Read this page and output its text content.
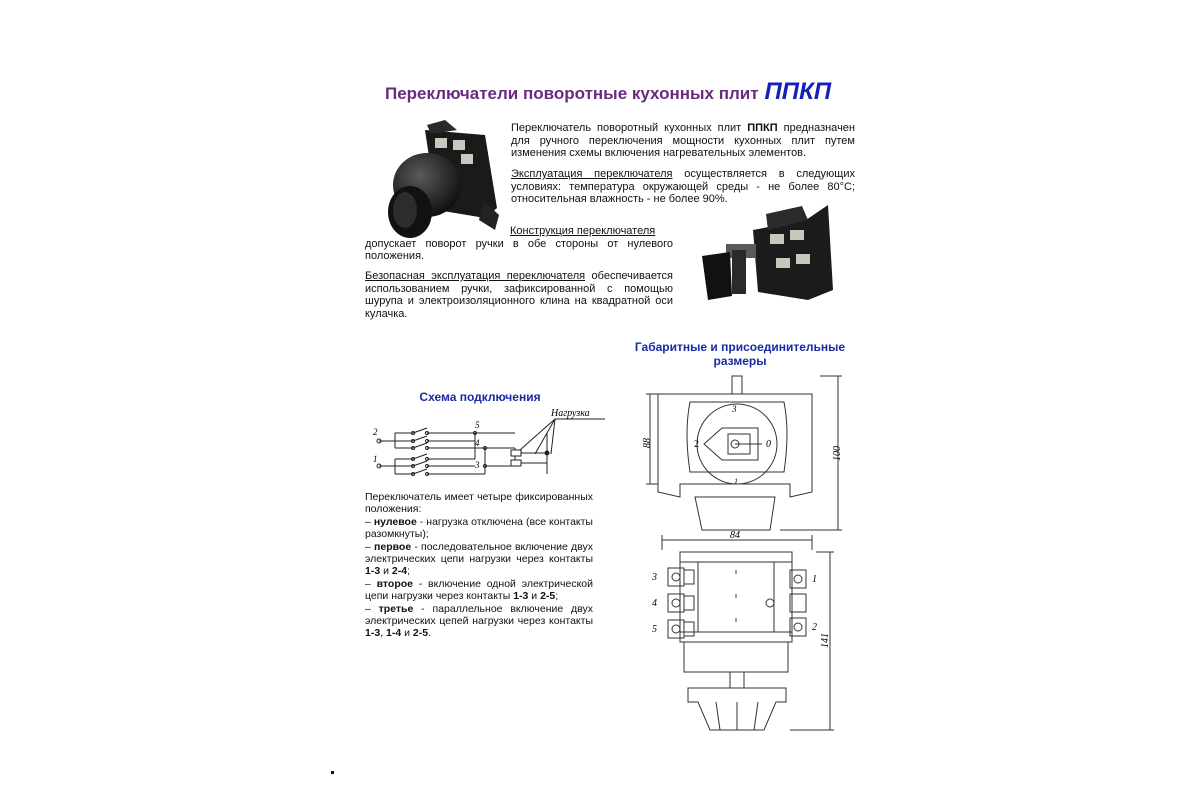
Переключатели поворотные кухонных плит ППКП
Переключатель поворотный кухонных плит ППКП предназначен для ручного переключения мощности кухонных плит путем изменения схемы включения нагревательных элементов.
Эксплуатация переключателя осуществляется в следующих условиях: температура окружающей среды - не более 80°С; относительная влажность - не более 90%.
Конструкция переключателя
допускает поворот ручки в обе стороны от нулевого положения.
Безопасная эксплуатация переключателя обеспечивается использованием ручки, зафиксированной с помощью шурупа и электроизоляционного клина на квадратной оси кулачка.
Габаритные и присоединительные размеры
Схема подключения
Нагрузка
2
1
5
4
3
Переключатель имеет четыре фиксированных положения:
– нулевое - нагрузка отключена (все контакты разомкнуты);
– первое - последовательное включение двух электрических цепи нагрузки через контакты 1-3 и 2-4;
– второе - включение одной электрической цепи нагрузки через контакты 1-3 и 2-5;
– третье - параллельное включение двух электрических цепей нагрузки через контакты 1-3, 1-4 и 2-5.
88
100
3
2	0
1
84
141
3
4
5
1
2
